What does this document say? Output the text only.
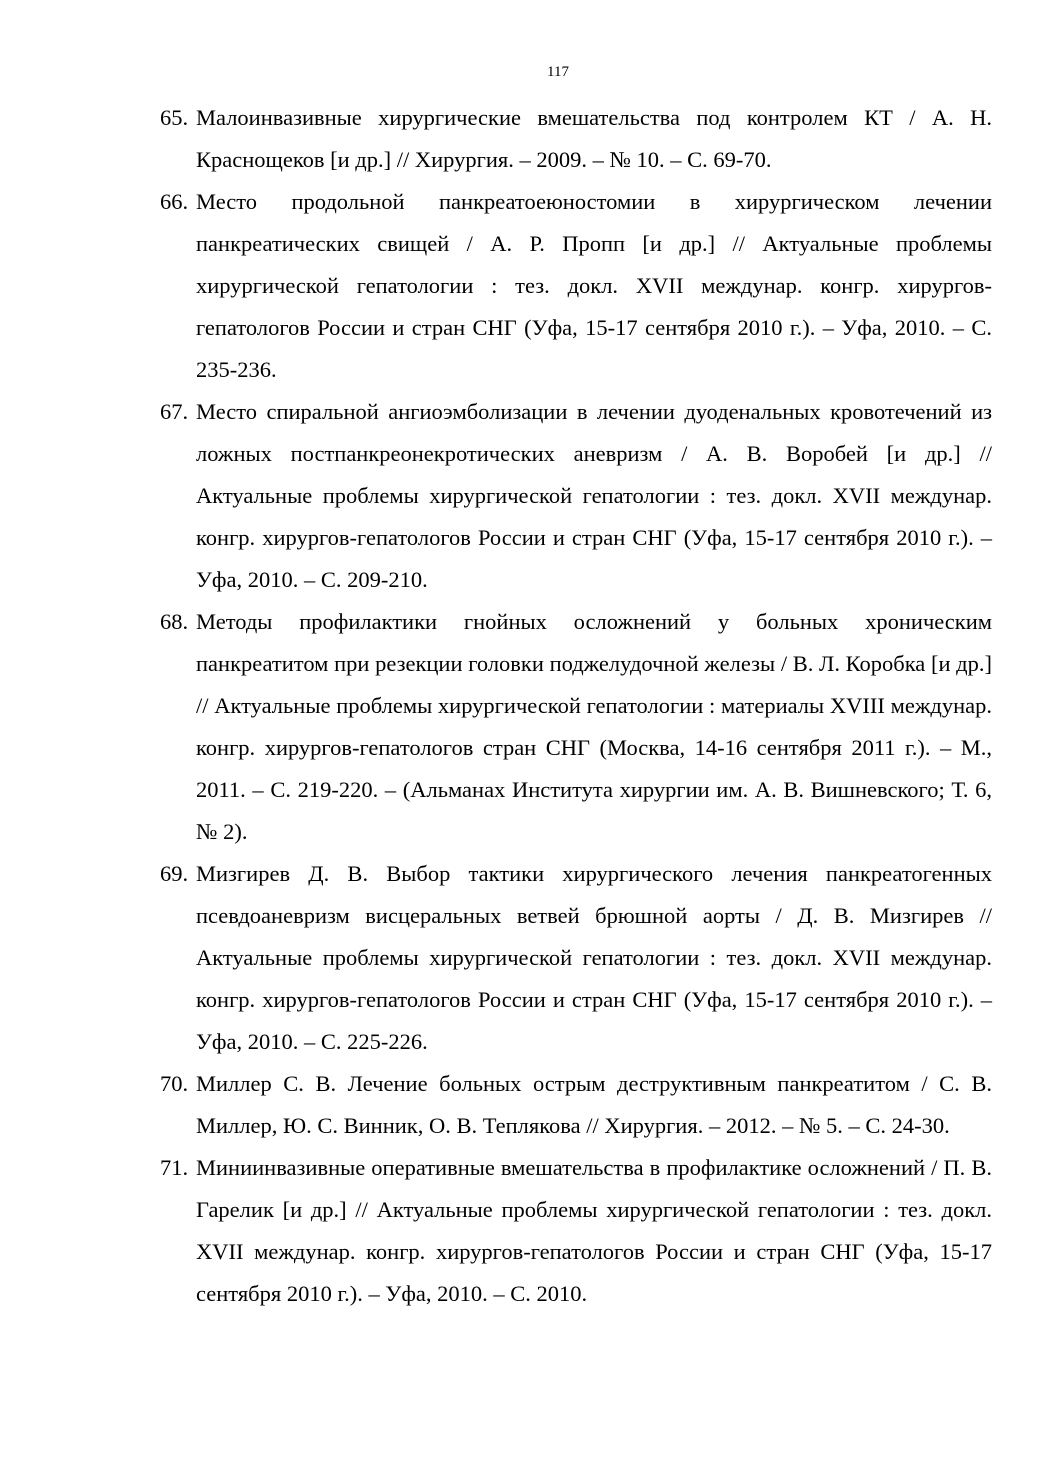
117
65. Малоинвазивные хирургические вмешательства под контролем КТ / А. Н. Краснощеков [и др.] // Хирургия. – 2009. – № 10. – С. 69-70.
66. Место продольной панкреатоеюностомии в хирургическом лечении панкреатических свищей / А. Р. Пропп [и др.] // Актуальные проблемы хирургической гепатологии : тез. докл. XVII междунар. конгр. хирургов-гепатологов России и стран СНГ (Уфа, 15-17 сентября 2010 г.). – Уфа, 2010. – С. 235-236.
67. Место спиральной ангиоэмболизации в лечении дуоденальных кровотечений из ложных постпанкреонекротических аневризм / А. В. Воробей [и др.] // Актуальные проблемы хирургической гепатологии : тез. докл. XVII междунар. конгр. хирургов-гепатологов России и стран СНГ (Уфа, 15-17 сентября 2010 г.). – Уфа, 2010. – С. 209-210.
68. Методы профилактики гнойных осложнений у больных хроническим панкреатитом при резекции головки поджелудочной железы / В. Л. Коробка [и др.] // Актуальные проблемы хирургической гепатологии : материалы XVIII междунар. конгр. хирургов-гепатологов стран СНГ (Москва, 14-16 сентября 2011 г.). – М., 2011. – С. 219-220. – (Альманах Института хирургии им. А. В. Вишневского; Т. 6, № 2).
69. Мизгирев Д. В. Выбор тактики хирургического лечения панкреатогенных псевдоаневризм висцеральных ветвей брюшной аорты / Д. В. Мизгирев // Актуальные проблемы хирургической гепатологии : тез. докл. XVII междунар. конгр. хирургов-гепатологов России и стран СНГ (Уфа, 15-17 сентября 2010 г.). – Уфа, 2010. – С. 225-226.
70. Миллер С. В. Лечение больных острым деструктивным панкреатитом / С. В. Миллер, Ю. С. Винник, О. В. Теплякова // Хирургия. – 2012. – № 5. – С. 24-30.
71. Миниинвазивные оперативные вмешательства в профилактике осложнений / П. В. Гарелик [и др.] // Актуальные проблемы хирургической гепатологии : тез. докл. XVII междунар. конгр. хирургов-гепатологов России и стран СНГ (Уфа, 15-17 сентября 2010 г.). – Уфа, 2010. – С. 2010.
